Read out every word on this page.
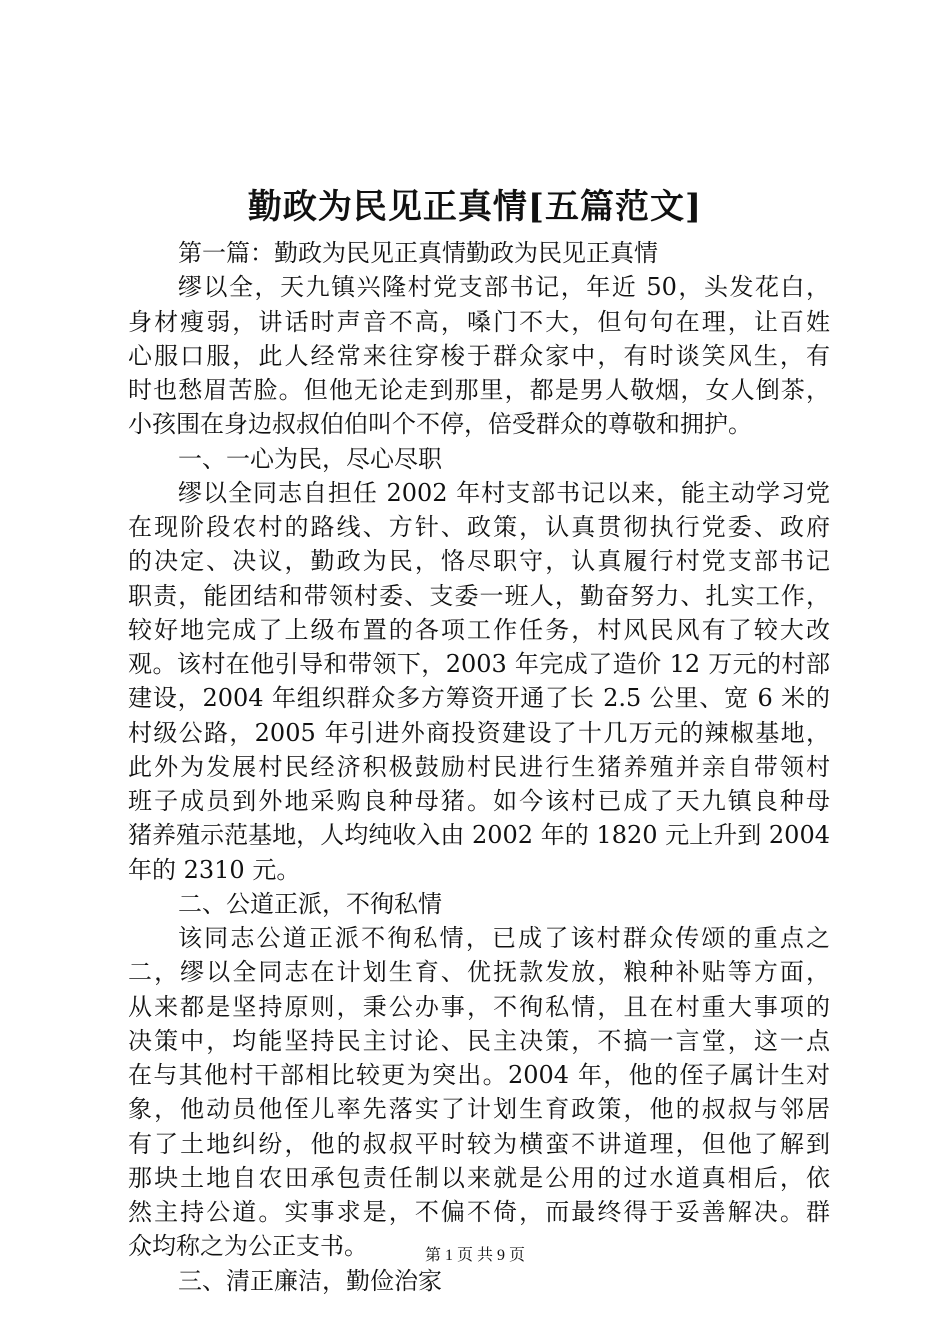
勤政为民见正真情[五篇范文]
第一篇：勤政为民见正真情勤政为民见正真情
缪以全，天九镇兴隆村党支部书记，年近 50，头发花白，
身材瘦弱，讲话时声音不高，嗓门不大，但句句在理，让百姓
心服口服，此人经常来往穿梭于群众家中，有时谈笑风生，有
时也愁眉苦脸。但他无论走到那里，都是男人敬烟，女人倒茶，
小孩围在身边叔叔伯伯叫个不停，倍受群众的尊敬和拥护。
一、一心为民，尽心尽职
缪以全同志自担任 2002 年村支部书记以来，能主动学习党
在现阶段农村的路线、方针、政策，认真贯彻执行党委、政府
的决定、决议，勤政为民，恪尽职守，认真履行村党支部书记
职责，能团结和带领村委、支委一班人，勤奋努力、扎实工作，
较好地完成了上级布置的各项工作任务，村风民风有了较大改
观。该村在他引导和带领下，2003 年完成了造价 12 万元的村部
建设，2004 年组织群众多方筹资开通了长 2.5 公里、宽 6 米的
村级公路，2005 年引进外商投资建设了十几万元的辣椒基地，
此外为发展村民经济积极鼓励村民进行生猪养殖并亲自带领村
班子成员到外地采购良种母猪。如今该村已成了天九镇良种母
猪养殖示范基地，人均纯收入由 2002 年的 1820 元上升到 2004
年的 2310 元。
二、公道正派，不徇私情
该同志公道正派不徇私情，已成了该村群众传颂的重点之
二，缪以全同志在计划生育、优抚款发放，粮种补贴等方面，
从来都是坚持原则，秉公办事，不徇私情，且在村重大事项的
决策中，均能坚持民主讨论、民主决策，不搞一言堂，这一点
在与其他村干部相比较更为突出。2004 年，他的侄子属计生对
象，他动员他侄儿率先落实了计划生育政策，他的叔叔与邻居
有了土地纠纷，他的叔叔平时较为横蛮不讲道理，但他了解到
那块土地自农田承包责任制以来就是公用的过水道真相后，依
然主持公道。实事求是，不偏不倚，而最终得于妥善解决。群
众均称之为公正支书。
三、清正廉洁，勤俭治家
第 1 页 共 9 页
